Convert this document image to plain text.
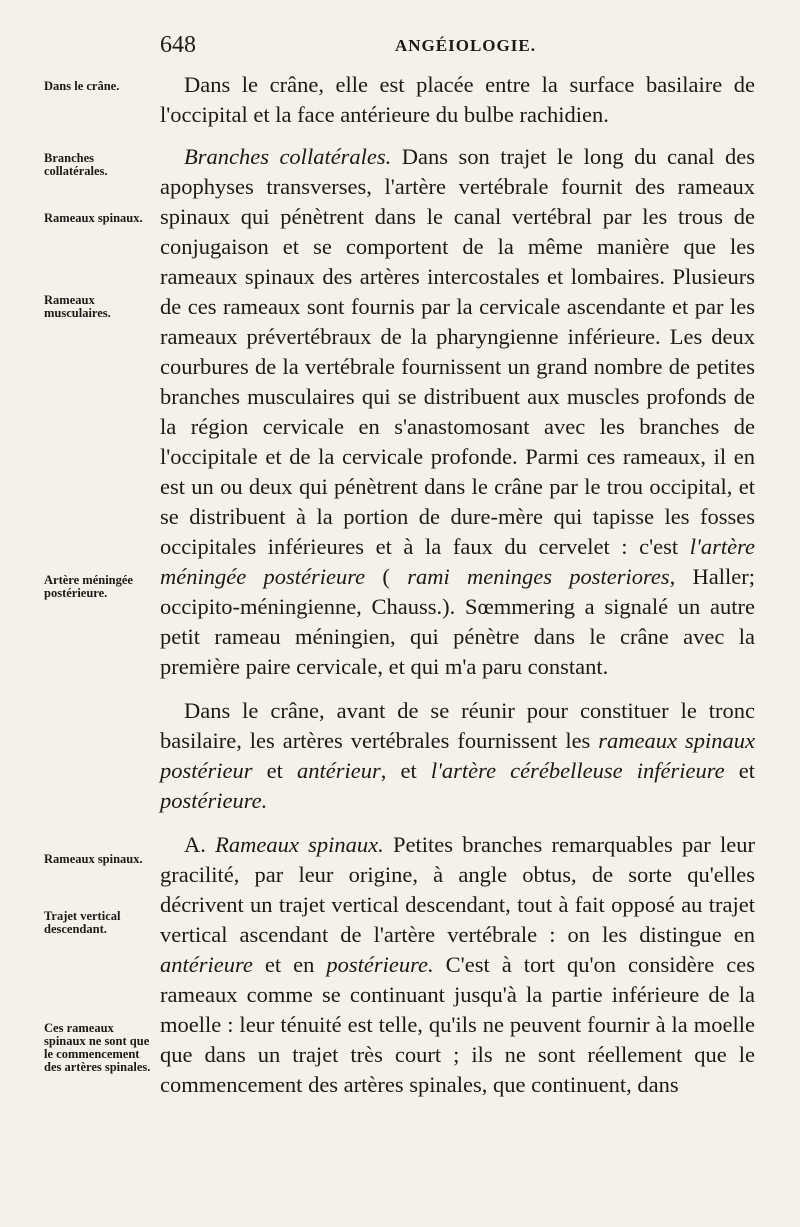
648	ANGÉIOLOGIE.
Dans le crâne.
Branches collatérales.
Rameaux spinaux.
Rameaux musculaires.
Artère méningée postérieure.
Rameaux spinaux.
Trajet vertical descendant.
Ces rameaux spinaux ne sont que le commencement des artères spinales.

Dans le crâne, elle est placée entre la surface basilaire de l'occipital et la face antérieure du bulbe rachidien.

Branches collatérales. Dans son trajet le long du canal des apophyses transverses, l'artère vertébrale fournit des rameaux spinaux qui pénètrent dans le canal vertébral par les trous de conjugaison et se comportent de la même manière que les rameaux spinaux des artères intercostales et lombaires. Plusieurs de ces rameaux sont fournis par la cervicale ascendante et par les rameaux prévertébraux de la pharyngienne inférieure. Les deux courbures de la vertébrale fournissent un grand nombre de petites branches musculaires qui se distribuent aux muscles profonds de la région cervicale en s'anastomosant avec les branches de l'occipitale et de la cervicale profonde. Parmi ces rameaux, il en est un ou deux qui pénètrent dans le crâne par le trou occipital, et se distribuent à la portion de dure-mère qui tapisse les fosses occipitales inférieures et à la faux du cervelet : c'est l'artère méningée postérieure ( rami meninges posteriores, Haller; occipito-méningienne, Chauss.). Sœmmering a signalé un autre petit rameau méningien, qui pénètre dans le crâne avec la première paire cervicale, et qui m'a paru constant.

Dans le crâne, avant de se réunir pour constituer le tronc basilaire, les artères vertébrales fournissent les rameaux spinaux postérieur et antérieur, et l'artère cérébelleuse inférieure et postérieure.

A. Rameaux spinaux. Petites branches remarquables par leur gracilité, par leur origine, à angle obtus, de sorte qu'elles décrivent un trajet vertical descendant, tout à fait opposé au trajet vertical ascendant de l'artère vertébrale : on les distingue en antérieure et en postérieure. C'est à tort qu'on considère ces rameaux comme se continuant jusqu'à la partie inférieure de la moelle : leur ténuité est telle, qu'ils ne peuvent fournir à la moelle que dans un trajet très court ; ils ne sont réellement que le commencement des artères spinales, que continuent, dans
